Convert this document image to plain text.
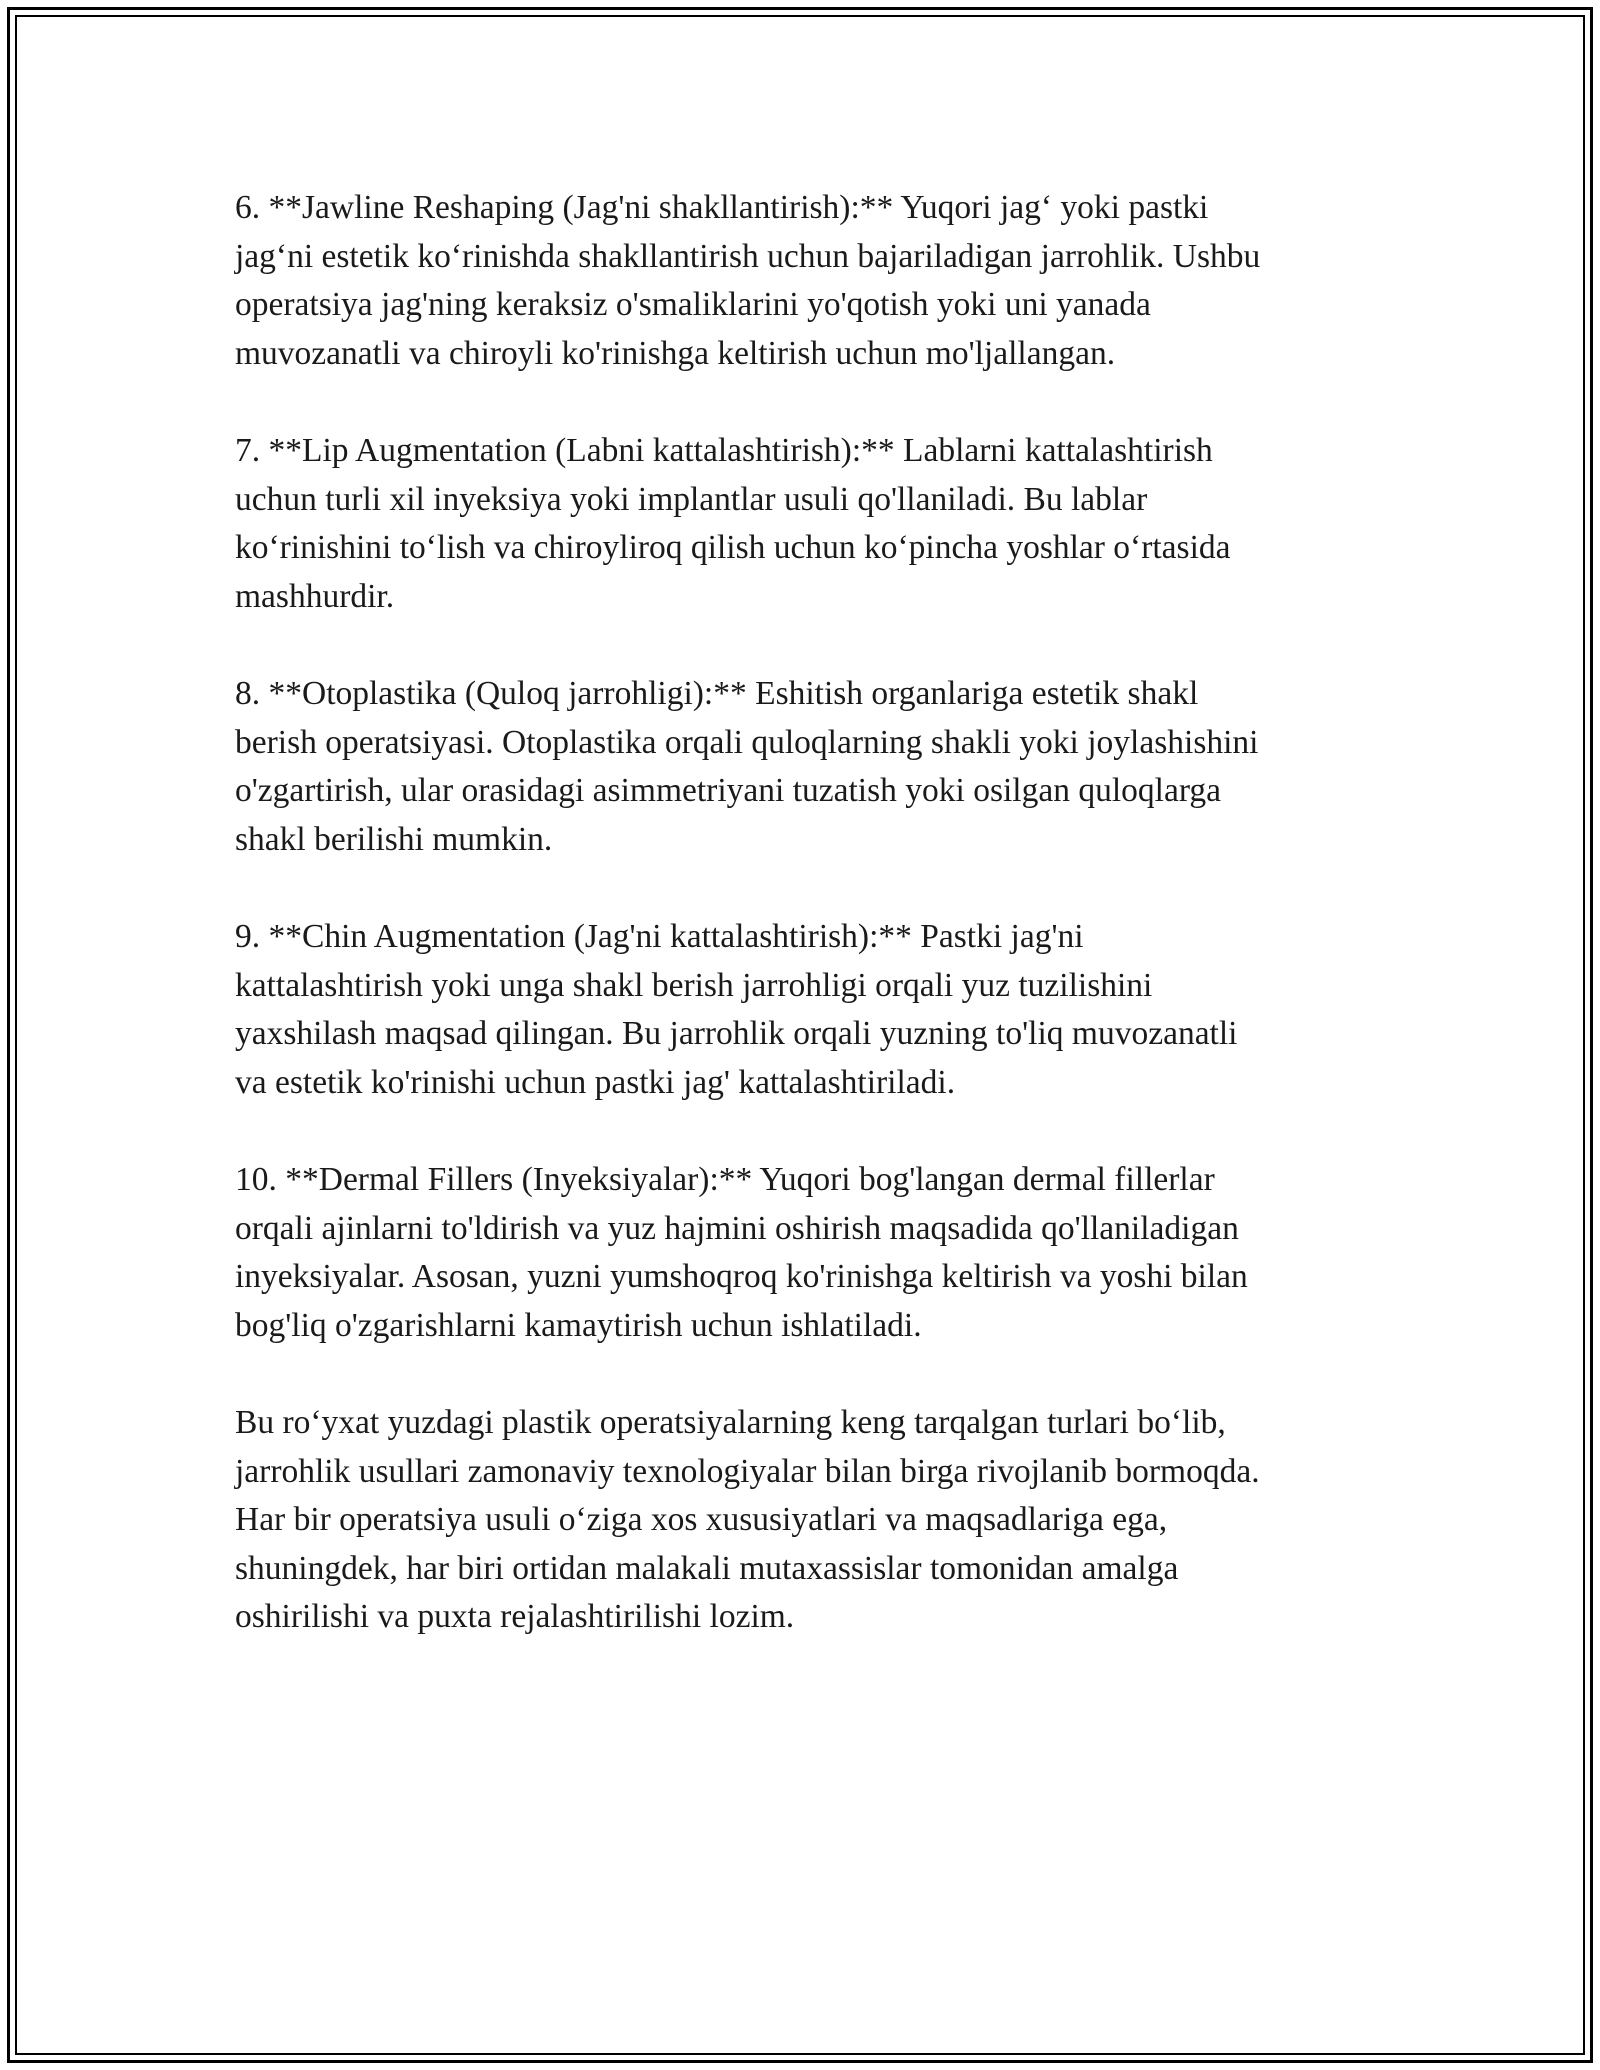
6. **Jawline Reshaping (Jag'ni shakllantirish):** Yuqori jag‘ yoki pastki
jag‘ni estetik ko‘rinishda shakllantirish uchun bajariladigan jarrohlik. Ushbu
operatsiya jag'ning keraksiz o'smaliklarini yo'qotish yoki uni yanada
muvozanatli va chiroyli ko'rinishga keltirish uchun mo'ljallangan.

7. **Lip Augmentation (Labni kattalashtirish):** Lablarni kattalashtirish
uchun turli xil inyeksiya yoki implantlar usuli qo'llaniladi. Bu lablar
ko‘rinishini to‘lish va chiroyliroq qilish uchun ko‘pincha yoshlar o‘rtasida
mashhurdir.

8. **Otoplastika (Quloq jarrohligi):** Eshitish organlariga estetik shakl
berish operatsiyasi. Otoplastika orqali quloqlarning shakli yoki joylashishini
o'zgartirish, ular orasidagi asimmetriyani tuzatish yoki osilgan quloqlarga
shakl berilishi mumkin.

9. **Chin Augmentation (Jag'ni kattalashtirish):** Pastki jag'ni
kattalashtirish yoki unga shakl berish jarrohligi orqali yuz tuzilishini
yaxshilash maqsad qilingan. Bu jarrohlik orqali yuzning to'liq muvozanatli
va estetik ko'rinishi uchun pastki jag' kattalashtiriladi.

10. **Dermal Fillers (Inyeksiyalar):** Yuqori bog'langan dermal fillerlar
orqali ajinlarni to'ldirish va yuz hajmini oshirish maqsadida qo'llaniladigan
inyeksiyalar. Asosan, yuzni yumshoqroq ko'rinishga keltirish va yoshi bilan
bog'liq o'zgarishlarni kamaytirish uchun ishlatiladi.

Bu ro‘yxat yuzdagi plastik operatsiyalarning keng tarqalgan turlari bo‘lib,
jarrohlik usullari zamonaviy texnologiyalar bilan birga rivojlanib bormoqda.
Har bir operatsiya usuli o‘ziga xos xususiyatlari va maqsadlariga ega,
shuningdek, har biri ortidan malakali mutaxassislar tomonidan amalga
oshirilishi va puxta rejalashtirilishi lozim.
